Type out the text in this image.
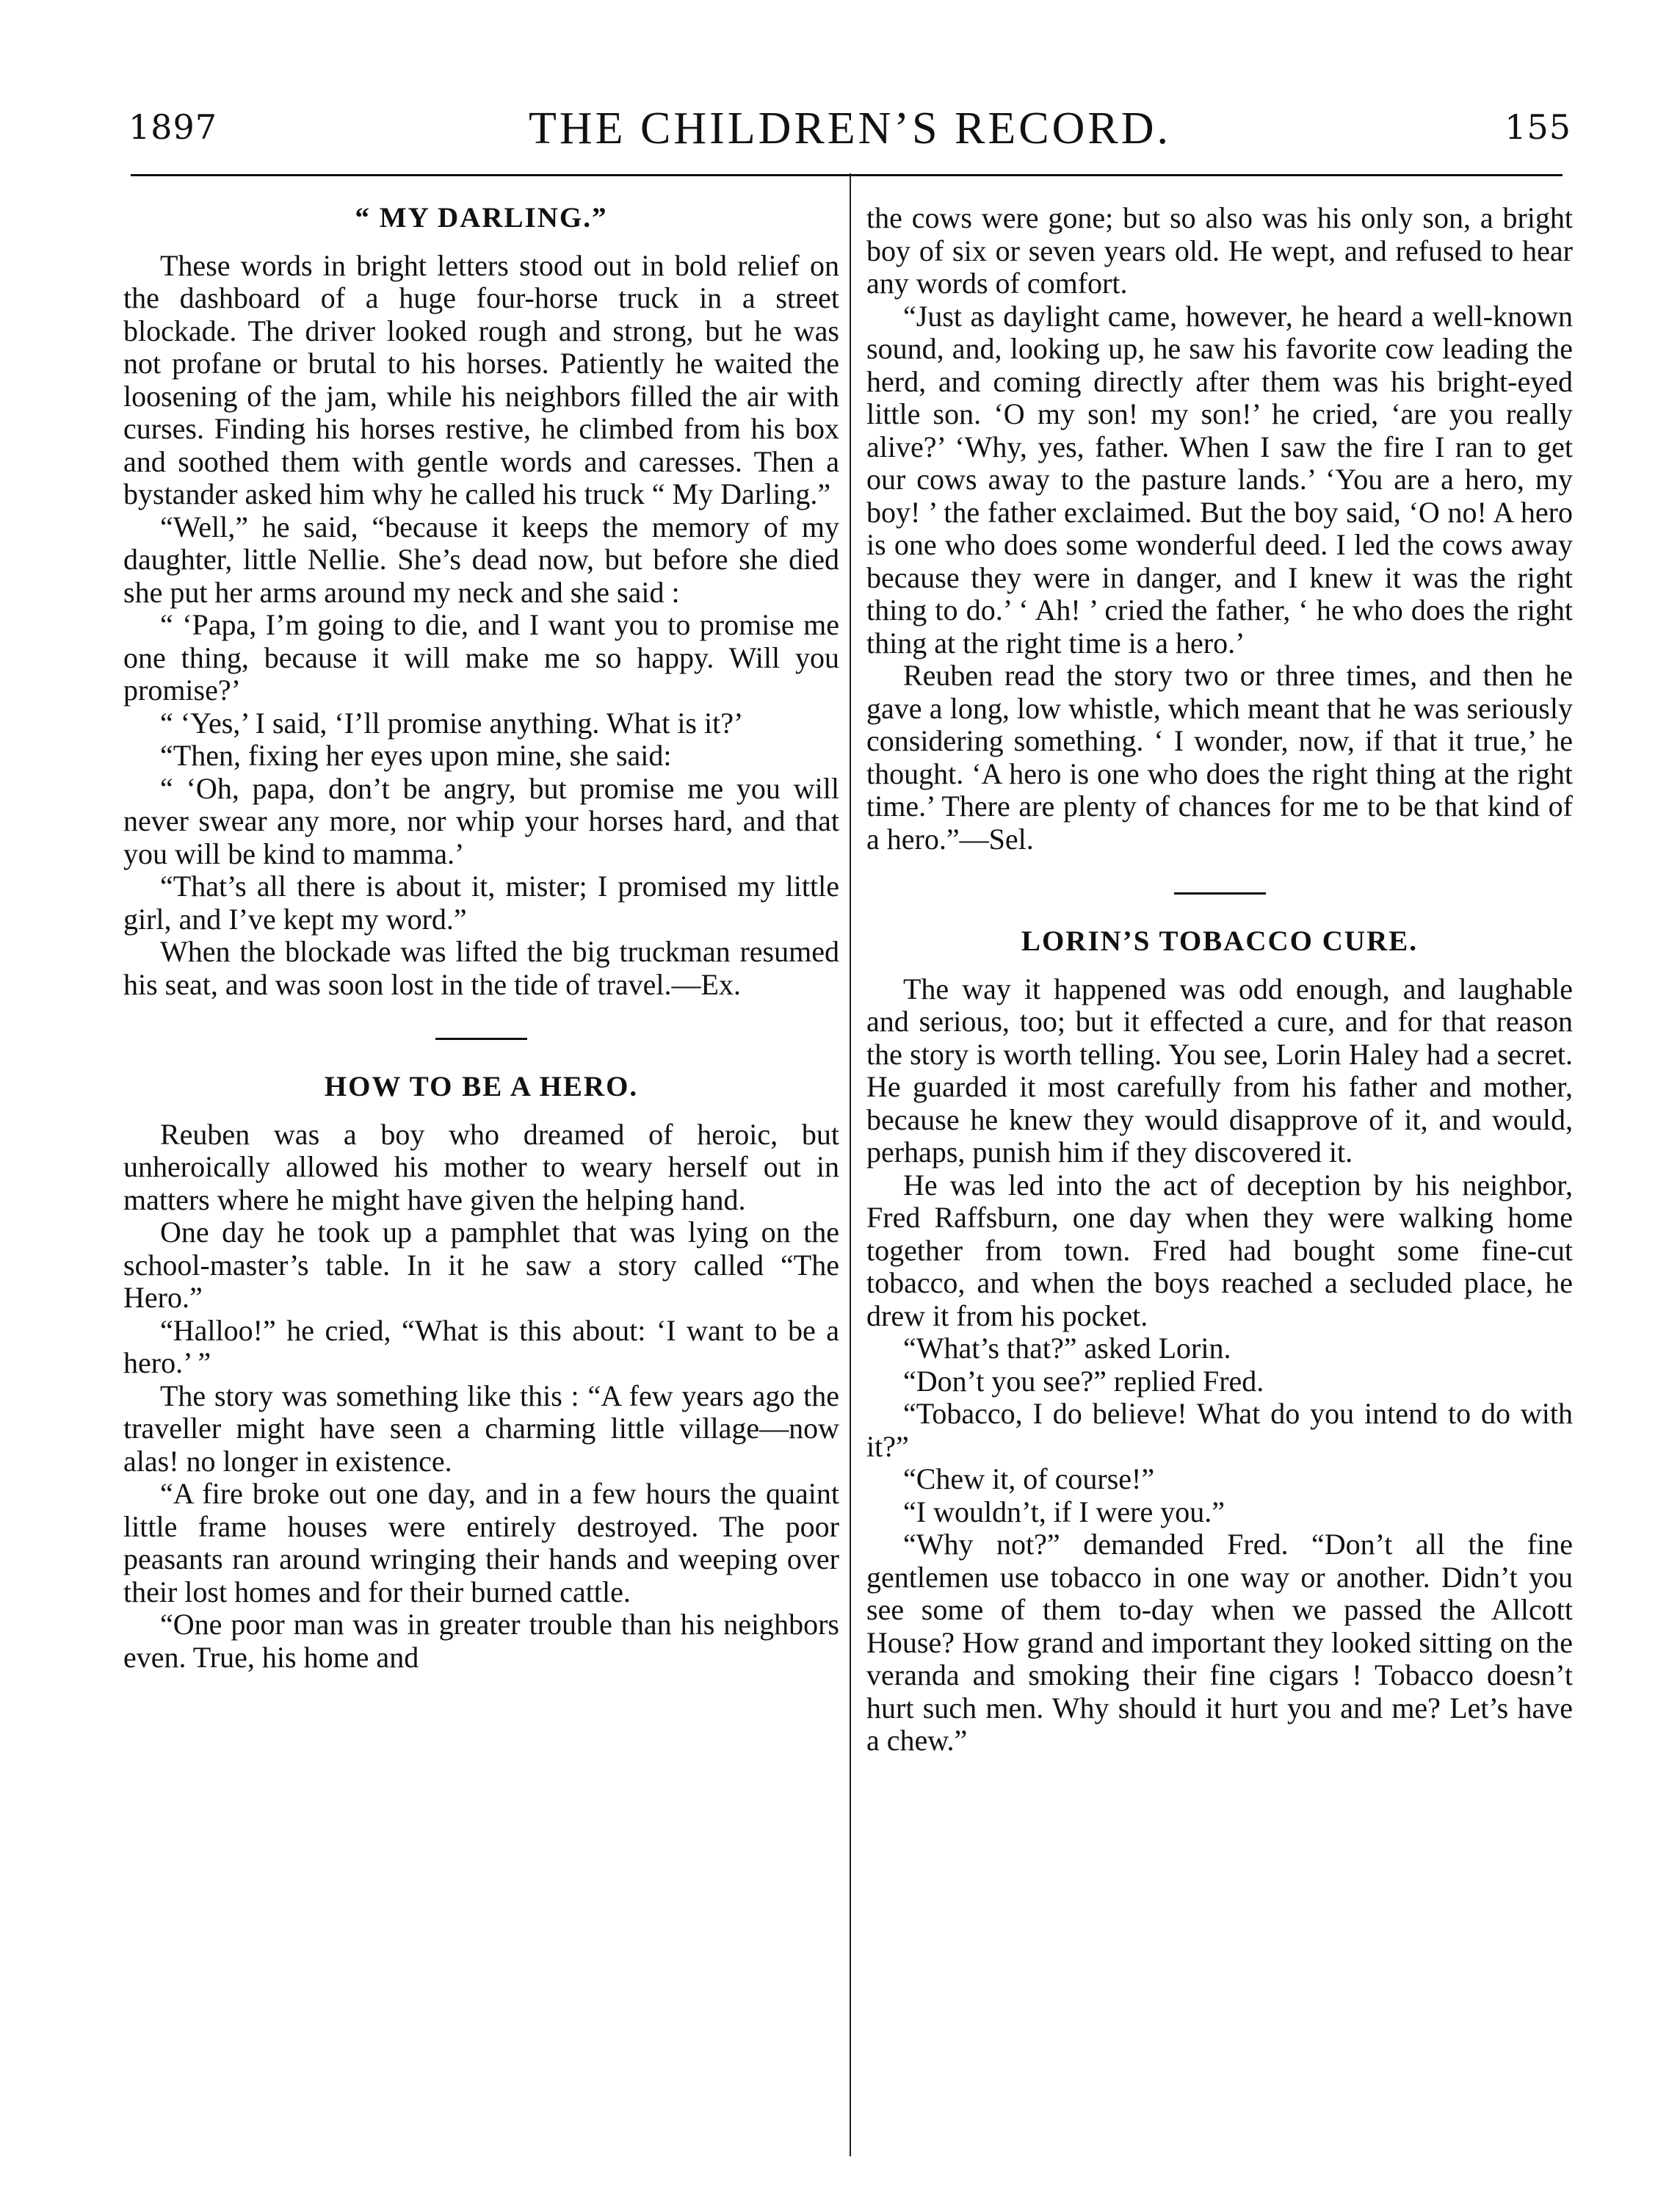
1897	THE CHILDREN’S RECORD.	155
“ MY DARLING.”

These words in bright letters stood out in bold relief on the dashboard of a huge four-horse truck in a street blockade. The driver looked rough and strong, but he was not profane or brutal to his horses. Patiently he waited the loosening of the jam, while his neighbors filled the air with curses. Finding his horses restive, he climbed from his box and soothed them with gentle words and caresses. Then a bystander asked him why he called his truck “ My Darling.”

“Well,” he said, “because it keeps the memory of my daughter, little Nellie. She’s dead now, but before she died she put her arms around my neck and she said :

“ ‘Papa, I’m going to die, and I want you to promise me one thing, because it will make me so happy. Will you promise?’

“ ‘Yes,’ I said, ‘I’ll promise anything. What is it?’

“Then, fixing her eyes upon mine, she said:

“ ‘Oh, papa, don’t be angry, but promise me you will never swear any more, nor whip your horses hard, and that you will be kind to mamma.’

“That’s all there is about it, mister; I promised my little girl, and I’ve kept my word.”

When the blockade was lifted the big truckman resumed his seat, and was soon lost in the tide of travel.—Ex.

HOW TO BE A HERO.

Reuben was a boy who dreamed of heroic, but unheroically allowed his mother to weary herself out in matters where he might have given the helping hand.

One day he took up a pamphlet that was lying on the school-master’s table. In it he saw a story called “The Hero.”

“Halloo!” he cried, “What is this about: ‘I want to be a hero.’ ”

The story was something like this : “A few years ago the traveller might have seen a charming little village—now alas! no longer in existence.

“A fire broke out one day, and in a few hours the quaint little frame houses were entirely destroyed. The poor peasants ran around wringing their hands and weeping over their lost homes and for their burned cattle.

“One poor man was in greater trouble than his neighbors even. True, his home and

the cows were gone; but so also was his only son, a bright boy of six or seven years old. He wept, and refused to hear any words of comfort.

“Just as daylight came, however, he heard a well-known sound, and, looking up, he saw his favorite cow leading the herd, and coming directly after them was his bright-eyed little son. ‘O my son! my son!’ he cried, ‘are you really alive?’ ‘Why, yes, father. When I saw the fire I ran to get our cows away to the pasture lands.’ ‘You are a hero, my boy! ’ the father exclaimed. But the boy said, ‘O no! A hero is one who does some wonderful deed. I led the cows away because they were in danger, and I knew it was the right thing to do.’ ‘ Ah! ’ cried the father, ‘ he who does the right thing at the right time is a hero.’

Reuben read the story two or three times, and then he gave a long, low whistle, which meant that he was seriously considering something. ‘ I wonder, now, if that it true,’ he thought. ‘A hero is one who does the right thing at the right time.’ There are plenty of chances for me to be that kind of a hero.”—Sel.

LORIN’S TOBACCO CURE.

The way it happened was odd enough, and laughable and serious, too; but it effected a cure, and for that reason the story is worth telling. You see, Lorin Haley had a secret. He guarded it most carefully from his father and mother, because he knew they would disapprove of it, and would, perhaps, punish him if they discovered it.

He was led into the act of deception by his neighbor, Fred Raffsburn, one day when they were walking home together from town. Fred had bought some fine-cut tobacco, and when the boys reached a secluded place, he drew it from his pocket.

“What’s that?” asked Lorin.

“Don’t you see?” replied Fred.

“Tobacco, I do believe! What do you intend to do with it?”

“Chew it, of course!”

“I wouldn’t, if I were you.”

“Why not?” demanded Fred. “Don’t all the fine gentlemen use tobacco in one way or another. Didn’t you see some of them to-day when we passed the Allcott House? How grand and important they looked sitting on the veranda and smoking their fine cigars ! Tobacco doesn’t hurt such men. Why should it hurt you and me? Let’s have a chew.”
